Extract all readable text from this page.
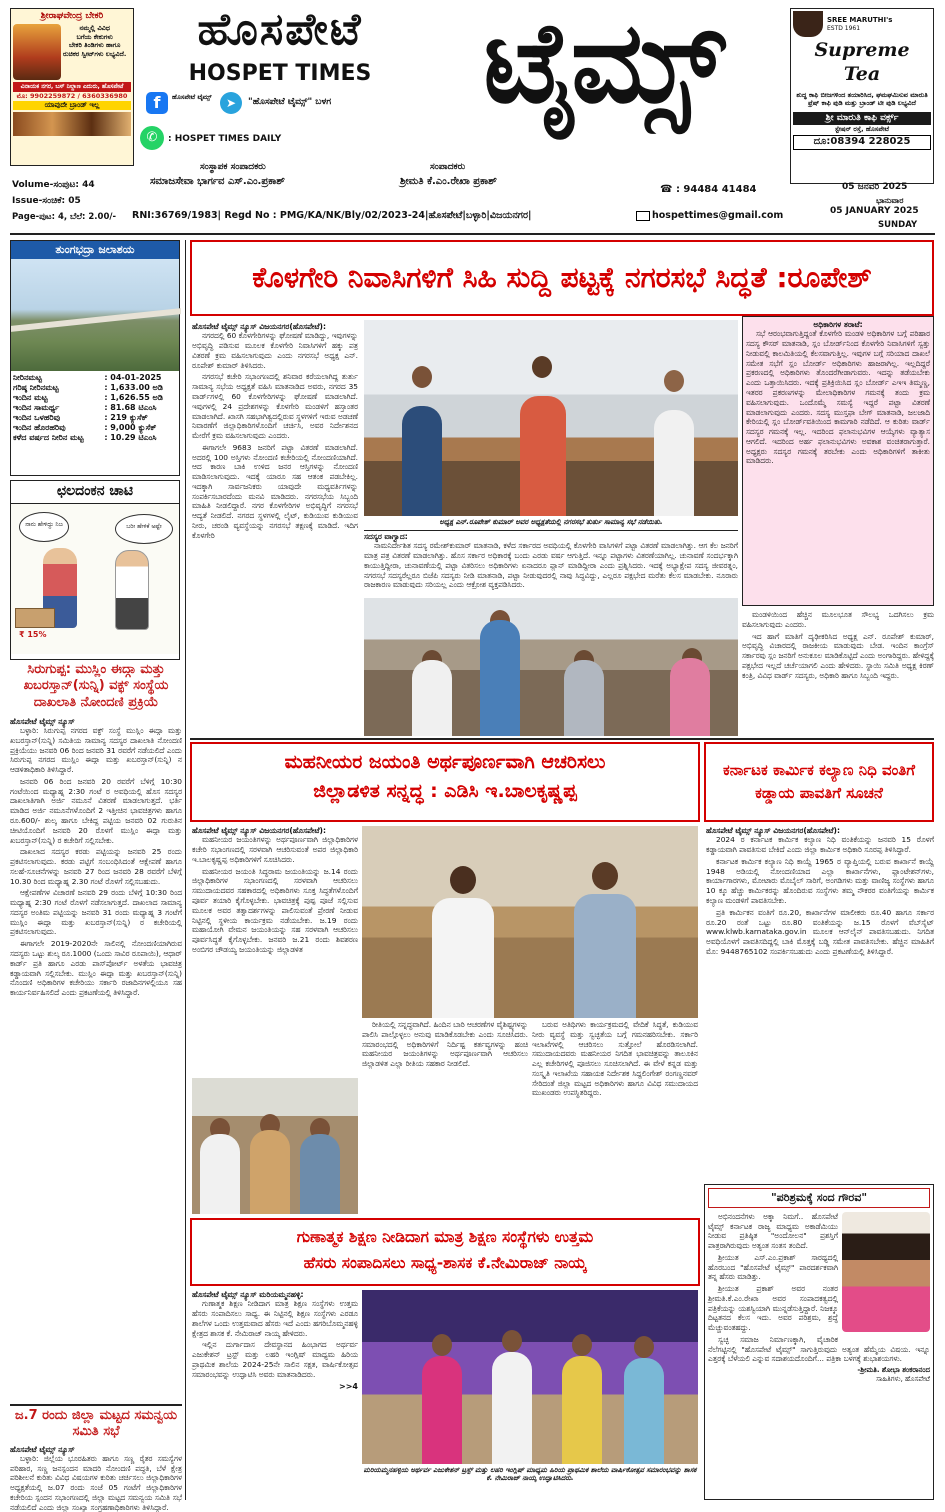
ಶ್ರೀರಾಘವೇಂದ್ರ ಬೇಕರಿ
ನಮ್ಮಲ್ಲಿ ವಿವಿಧ
ಬಗೆಯ ಕೇಕುಗಳು
ಬೇಕರಿ ತಿಂಡಿಗಳು ಹಾಗೂ
ರುಚಿಕರ ಸ್ವೀಟ್‌ಗಳು ಲಭ್ಯವಿದೆ.
ವಿನಾಯಕ ನಗರ, ಬಸ್ ನಿಲ್ದಾಣ ಎದುರು, ಹೊಸಪೇಟೆ
ಮೊ: 9902259872 / 6360336980
ಯಾವುದೇ ಬ್ರಾಂಡ್ ಇಲ್ಲ
ಹೊಸಪೇಟೆ
HOSPET TIMES
f	ಹೊಸಪೇಟೆ ಟೈಮ್ಸ್	➤	"ಹೊಸಪೇಟೆ ಟೈಮ್ಸ್" ಬಳಗ
✆	: HOSPET TIMES DAILY
ಟೈಮ್ಸ್
ಸಂಸ್ಥಾಪಕ ಸಂಪಾದಕರು
ಸಮಾಜಸೇವಾ ಭಾರ್ಗವ ಎಸ್.ಎಂ.ಪ್ರಕಾಶ್
ಸಂಪಾದಕರು
ಶ್ರೀಮತಿ ಕೆ.ಎಂ.ರೇಖಾ ಪ್ರಕಾಶ್
☎ : 94484 41484
SREE MARUTHI's
ESTD 1961
Supreme Tea
ಶುದ್ಧ ಕಾಫಿ ಬೀಜಗಳಿಂದ ತಯಾರಿಸಿದ, ಘಮಘಮಿಸುವ ಮಾರುತಿ ಫ್ರೆಷ್ ಕಾಫಿ ಪುಡಿ ಮತ್ತು ಬ್ರಾಂಡ್ ಟೀ ಪುಡಿ ಲಭ್ಯವಿದೆ
ಶ್ರೀ ಮಾರುತಿ ಕಾಫಿ ವರ್ಕ್ಸ್
ಸ್ಟೇಷನ್ ರಸ್ತೆ, ಹೊಸಪೇಟೆ
ದೂ:08394 228025
Volume-ಸಂಪುಟ: 44
Issue-ಸಂಚಿಕೆ: 05
Page-ಪುಟ: 4, ಬೆಲೆ: 2.00/- RNI:36769/1983| Regd No : PMG/KA/NK/Bly/02/2023-24|ಹೊಸಪೇಟೆ|ಬಳ್ಳಾರಿ|ವಿಜಯನಗರ|	hospettimes@gmail.com
05 ಜನವರಿ 2025
ಭಾನುವಾರ
05 JANUARY 2025
SUNDAY
ತುಂಗಭದ್ರಾ ಜಲಾಶಯ
ನೀರಿನಮಟ್ಟ	: 04-01-2025
ಗರಿಷ್ಠ ನೀರಿನಮಟ್ಟ	: 1,633.00 ಅಡಿ
ಇಂದಿನ ಮಟ್ಟ	: 1,626.55 ಅಡಿ
ಇಂದಿನ ಸಾಮರ್ಥ್ಯ	: 81.68 ಟಿಎಂಸಿ
ಇಂದಿನ ಒಳಹರಿವು	: 219 ಕ್ಯುಸೆಕ್
ಇಂದಿನ ಹೊರಹರಿವು	: 9,000 ಕ್ಯುಸೆಕ್
ಕಳೆದ ವರ್ಷದ ನೀರಿನ ಮಟ್ಟ	: 10.29 ಟಿಎಂಸಿ
ಛಲದಂಕನ ಚಾಟಿ
ನಾನು ಹೇಳಿದ್ದು ನಿಜ	ಬರೀ ಹೇಳಿಕೆ ಅಷ್ಟೇ
₹ 15%
ಸಿರುಗುಪ್ಪ: ಮುಸ್ಲಿಂ ಈದ್ಗಾ ಮತ್ತು ಖಬರಸ್ತಾನ್(ಸುನ್ನಿ) ವಕ್ಫ್ ಸಂಸ್ಥೆಯ ದಾಖಲಾತಿ ನೋಂದಣಿ ಪ್ರಕ್ರಿಯೆ
ಹೊಸಪೇಟೆ ಟೈಮ್ಸ್ ನ್ಯೂಸ್

ಬಳ್ಳಾರಿ: ಸಿರುಗುಪ್ಪ ನಗರದ ವಕ್ಫ್ ಸಂಸ್ಥೆ ಮುಸ್ಲಿಂ ಈದ್ಗಾ ಮತ್ತು ಖಬರಸ್ತಾನ್(ಸುನ್ನಿ) ಸಮಿತಿಯ ಸಾಮಾನ್ಯ ಸದಸ್ಯರ ದಾಖಲಾತಿ ನೋಂದಣಿ ಪ್ರಕ್ರಿಯೆಯು ಜನವರಿ 06 ರಿಂದ ಜನವರಿ 31 ರವರೆಗೆ ನಡೆಯಲಿದೆ ಎಂದು ಸಿರುಗುಪ್ಪ ನಗರದ ಮುಸ್ಲಿಂ ಈದ್ಗಾ ಮತ್ತು ಖಬರಸ್ತಾನ್(ಸುನ್ನಿ) ನ ಆಡಳಿತಾಧಿಕಾರಿ ತಿಳಿಸಿದ್ದಾರೆ.

ಜನವರಿ 06 ರಿಂದ ಜನವರಿ 20 ರವರೆಗೆ ಬೆಳಿಗ್ಗೆ 10:30 ಗಂಟೆಯಿಂದ ಮಧ್ಯಾಹ್ನ 2:30 ಗಂಟೆ ರ ಅವಧಿಯಲ್ಲಿ ಹೊಸ ಸದಸ್ಯರ ದಾಖಲಾತಿಗಾಗಿ ಅರ್ಜಿ ನಮೂನೆ ವಿತರಣೆ ಮಾಡಲಾಗುತ್ತದೆ. ಭರ್ತಿ ಮಾಡಿದ ಅರ್ಜಿ ನಮೂನೆಗಳೊಂದಿಗೆ 2 ಇತ್ತೀಚಿನ ಭಾವಚಿತ್ರಗಳು ಹಾಗೂ ರೂ.600/- ಶುಲ್ಕ ಹಾಗೂ ಬೇಕಿದ್ದ ಪಟ್ಟಿಯ ಜನವರಿ 02 ಗುರುತಿನ ಚೀಟಿಯೊಂದಿಗೆ ಜನವರಿ 20 ರೊಳಗೆ ಮುಸ್ಲಿಂ ಈದ್ಗಾ ಮತ್ತು ಖಬರಸ್ತಾನ್(ಸುನ್ನಿ) ರ ಕಚೇರಿಗೆ ಸಲ್ಲಿಸಬೇಕು.

ದಾಖಲಾದ ಸದಸ್ಯರ ಕರಡು ಪಟ್ಟಿಯನ್ನು ಜನವರಿ 25 ರಂದು ಪ್ರಕಟಿಸಲಾಗುವುದು. ಕರಡು ಪಟ್ಟಿಗೆ ಸಂಬಂಧಿಸಿದಂತೆ ಆಕ್ಷೇಪಣೆ ಹಾಗೂ ಸಲಹೆ-ಸೂಚನೆಗಳನ್ನು ಜನವರಿ 27 ರಿಂದ ಜನವರಿ 28 ರವರೆಗೆ ಬೆಳಿಗ್ಗೆ 10.30 ರಿಂದ ಮಧ್ಯಾಹ್ನ 2.30 ಗಂಟೆ ರೊಳಗೆ ಸಲ್ಲಿಸಬಹುದು.

ಆಕ್ಷೇಪಣೆಗಳ ವಿಚಾರಣೆ ಜನವರಿ 29 ರಂದು ಬೆಳಿಗ್ಗೆ 10:30 ರಿಂದ ಮಧ್ಯಾಹ್ನ 2:30 ಗಂಟೆ ರೊಳಗೆ ನಡೆಸಲಾಗುತ್ತದೆ. ದಾಖಲಾದ ಸಾಮಾನ್ಯ ಸದಸ್ಯರ ಅಂತಿಮ ಪಟ್ಟಿಯನ್ನು ಜನವರಿ 31 ರಂದು ಮಧ್ಯಾಹ್ನ 3 ಗಂಟೆಗೆ ಮುಸ್ಲಿಂ ಈದ್ಗಾ ಮತ್ತು ಖಬರಸ್ತಾನ್(ಸುನ್ನಿ) ರ ಕಚೇರಿಯಲ್ಲಿ ಪ್ರಕಟಿಸಲಾಗುವುದು.

ಈಗಾಗಲೇ 2019-2020ನೇ ಸಾಲಿನಲ್ಲಿ ನೋಂದಣಿಯಾಗಿರುವ ಸದಸ್ಯರು ಒಟ್ಟು ಶುಲ್ಕ ರೂ.1000 (ಒಂದು ಸಾವಿರ ರೂಪಾಯಿ), ಆಧಾರ್ ಕಾರ್ಡ್ ಪ್ರತಿ ಹಾಗೂ ಎರಡು ಪಾಸ್‌ಪೋರ್ಟ್ ಅಳತೆಯ ಭಾವಚಿತ್ರ ಕಡ್ಡಾಯವಾಗಿ ಸಲ್ಲಿಸಬೇಕು. ಮುಸ್ಲಿಂ ಈದ್ಗಾ ಮತ್ತು ಖಬರಸ್ತಾನ್(ಸುನ್ನಿ) ನೊಂದಣಿ ಅಧಿಕಾರಿಗಳ ಕಚೇರಿಯು ಸರ್ಕಾರಿ ರಜಾದಿನಗಳಲ್ಲಿಯೂ ಸಹ ಕಾರ್ಯನಿರ್ವಹಿಸಲಿದೆ ಎಂದು ಪ್ರಕಟಣೆಯಲ್ಲಿ ತಿಳಿಸಿದ್ದಾರೆ.

ಜ.7 ರಂದು ಜಿಲ್ಲಾ ಮಟ್ಟದ ಸಮನ್ವಯ ಸಮಿತಿ ಸಭೆ
ಹೊಸಪೇಟೆ ಟೈಮ್ಸ್ ನ್ಯೂಸ್

ಬಳ್ಳಾರಿ: ಜಿಲ್ಲೆಯ ಭೂರಹಿತರು ಹಾಗೂ ಸಣ್ಣ ರೈತರ ಸಮಸ್ಯೆಗಳ ಪರಿಹಾರ, ಸಣ್ಣ ಜನಸ್ಪಂದನ ಮಾದರಿ ನೋಂದಣಿ ಪದ್ಧತಿ, ಬೆಳೆ ಕ್ಷೇತ್ರ ಪರಿಶೀಲನೆ ಕುರಿತು ವಿವಿಧ ವಿಷಯಗಳ ಕುರಿತು ಚರ್ಚಿಸಲು ಜಿಲ್ಲಾಧಿಕಾರಿಗಳ ಅಧ್ಯಕ್ಷತೆಯಲ್ಲಿ ಜ.07 ರಂದು ಸಂಜೆ 05 ಗಂಟೆಗೆ ಜಿಲ್ಲಾಧಿಕಾರಿಗಳ ಕಚೇರಿಯ ಸ್ಪಂದನ ಸಭಾಂಗಣದಲ್ಲಿ ಜಿಲ್ಲಾ ಮಟ್ಟದ ಸಮನ್ವಯ ಸಮಿತಿ ಸಭೆ ನಡೆಯಲಿದೆ ಎಂದು ಜಿಲ್ಲಾ ಸಂಖ್ಯಾ ಸಂಗ್ರಹಣಾಧಿಕಾರಿಗಳು ತಿಳಿಸಿದ್ದಾರೆ.

ಕೊಳಗೇರಿ ನಿವಾಸಿಗಳಿಗೆ ಸಿಹಿ ಸುದ್ದಿ ಪಟ್ಟಕ್ಕೆ ನಗರಸಭೆ ಸಿದ್ಧತೆ :ರೂಪೇಶ್
ಹೊಸಪೇಟೆ ಟೈಮ್ಸ್ ನ್ಯೂಸ್ ವಿಜಯನಗರ(ಹೊಸಪೇಟೆ):

ನಗರದಲ್ಲಿ 60 ಕೊಳಗೇರಿಗಳನ್ನು ಘೋಷಣೆ ಮಾಡಿದ್ದು, ಇವುಗಳನ್ನು ಅಭಿವೃದ್ಧಿ ಪಡಿಸುವ ಮೂಲಕ ಕೊಳಗೇರಿ ನಿವಾಸಿಗಳಿಗೆ ಹಕ್ಕು ಪತ್ರ ವಿತರಣೆ ಕ್ರಮ ವಹಿಸಲಾಗುವುದು ಎಂದು ನಗರಸಭೆ ಅಧ್ಯಕ್ಷ ಎನ್. ರೂಪೇಶ್ ಕುಮಾರ್ ತಿಳಿಸಿದರು.

ನಗರಸಭೆ ಕಚೇರಿ ಸಭಾಂಗಣದಲ್ಲಿ ಶನಿವಾರ ಕರೆಯಲಾಗಿದ್ದ ತುರ್ತು ಸಾಮಾನ್ಯ ಸಭೆಯ ಅಧ್ಯಕ್ಷತೆ ವಹಿಸಿ ಮಾತನಾಡಿದ ಅವರು, ನಗರದ 35 ವಾರ್ಡ್‌ಗಳಲ್ಲಿ 60 ಕೊಳಗೇರಿಗಳನ್ನು ಘೋಷಣೆ ಮಾಡಲಾಗಿದೆ. ಇವುಗಳಲ್ಲಿ 24 ಪ್ರದೇಶಗಳನ್ನು ಕೊಳಗೇರಿ ಮಂಡಳಿಗೆ ಹಸ್ತಾಂತರ ಮಾಡಲಾಗಿದೆ. ಖಾಸಗಿ ಸಹಭಾಗಿತ್ವದಲ್ಲಿರುವ ಸ್ಥಳಗಳಿಗೆ ಇರುವ ಅಡಚಣೆ ನಿವಾರಣೆಗೆ ಜಿಲ್ಲಾಧಿಕಾರಿಗಳೊಂದಿಗೆ ಚರ್ಚಿಸಿ, ಅವರ ನಿರ್ದೇಶನದ ಮೇರೆಗೆ ಕ್ರಮ ವಹಿಸಲಾಗುವುದು ಎಂದರು.

ಈಗಾಗಲೇ 9683 ಜನರಿಗೆ ಪಟ್ಟಾ ವಿತರಣೆ ಮಾಡಲಾಗಿದೆ. ಅದರಲ್ಲಿ 100 ಅಸ್ತಿಗಳು ನೋಂದಣಿ ಕಚೇರಿಯಲ್ಲಿ ನೋಂದಣಿಯಾಗಿದೆ. ಆದ ಕಾರಣ ಬಾಕಿ ಉಳಿದ ಜನರ ಆಸ್ತಿಗಳನ್ನು ನೋಂದಣಿ ಮಾಡಿಸಲಾಗುವುದು. ಇದಕ್ಕೆ ಯಾರೂ ಸಹ ಆತಂಕ ಪಡಬೇಕಿಲ್ಲ. ಇದಕ್ಕಾಗಿ ಸಾರ್ವಜನಿಕರು ಯಾವುದೇ ಮಧ್ಯವರ್ತಿಗಳನ್ನು ಸಂಪರ್ಕಿಸಬಾರದೆಂದು ಮನವಿ ಮಾಡಿದರು. ನಗರಸಭೆಯ ಸಿಬ್ಬಂದಿ ಮಾಹಿತಿ ನೀಡಲಿದ್ದಾರೆ. ನಗರ ಕೊಳಗೇರಿಗಳ ಅಭಿವೃದ್ಧಿಗೆ ನಗರಸಭೆ ಆದ್ಯತೆ ನೀಡಲಿದೆ. ನಗರದ ಸ್ಥಳಗಳಲ್ಲಿ ಲೈಟ್, ಕುಡಿಯುವ ಕುಡಿಯುವ ನೀರು, ಚರಂಡಿ ವ್ಯವಸ್ಥೆಯನ್ನು ನಗರಸಭೆ ತಕ್ಷಣಕ್ಕೆ ಮಾಡಿದೆ. ಇದಿಗ ಕೊಳಗೇರಿ

ಅಧ್ಯಕ್ಷ ಎನ್.ರೂಪೇಶ್ ಕುಮಾರ್ ಅವರ ಅಧ್ಯಕ್ಷತೆಯಲ್ಲಿ ನಗರಸಭೆ ತುರ್ತು ಸಾಮಾನ್ಯ ಸಭೆ ನಡೆಯಿತು.
ಸದಸ್ಯರ ವಾಗ್ವಾದ:

ನಾಮನಿರ್ದೇಶಿತ ಸದಸ್ಯ ರಮೇಶ್‌ಕುಮಾರ್ ಮಾತನಾಡಿ, ಕಳೆದ ಸರ್ಕಾರದ ಅವಧಿಯಲ್ಲಿ ಕೊಳಗೇರಿ ವಾಸಿಗಳಿಗೆ ಪಟ್ಟಾ ವಿತರಣೆ ಮಾಡಲಾಗಿತ್ತು. ಆಗ ಕೆಲ ಜನರಿಗೆ ಮಾತ್ರ ಪತ್ರ ವಿತರಣೆ ಮಾಡಲಾಗಿತ್ತು. ಹೊಸ ಸರ್ಕಾರ ಅಧಿಕಾರಕ್ಕೆ ಬಂದು ಎರಡು ವರ್ಷ ಆಗುತ್ತಿದೆ. ಇನ್ನೂ ಪಟ್ಟಾಗಳು ವಿತರಣೆಯಾಗಿಲ್ಲ. ಚುನಾವಣೆ ಸಂದರ್ಭಕ್ಕಾಗಿ ಕಾಯುತ್ತಿದ್ದೀರಾ, ಚುನಾವಣೆಯಲ್ಲಿ ಪಟ್ಟಾ ವಿತರಿಸಲು ಅಧಿಕಾರಿಗಳು ಏನಾದರೂ ಪ್ಲಾನ್ ಮಾಡಿದ್ದೀರಾ ಎಂದು ಪ್ರಶ್ನಿಸಿದರು. ಇದಕ್ಕೆ ಅಭ್ಯಾಕ್ಷೇಪ ಸದಸ್ಯ ಜೀವರತ್ನಂ, ನಗರಸಭೆ ಸದಸ್ಯರೆಲ್ಲರೂ ಬಿಜೆಪಿ ಸದಸ್ಯರು ನೀಡಿ ಮಾತನಾಡಿ, ಪಟ್ಟಾ ನೀಡುವುದರಲ್ಲಿ ನಾವು ಸಿದ್ಧವಿದ್ದು, ಎಲ್ಲರೂ ಪಕ್ಷಭೇದ ಮರೆತು ಕೆಲಸ ಮಾಡಬೇಕು. ನೂರಾರು ರಾಜಕಾರಣ ಮಾಡುವುದು ಸರಿಯಲ್ಲ ಎಂದು ಆಕ್ರೋಶ ವ್ಯಕ್ತಪಡಿಸಿದರು.

ಅಧಿಕಾರಿಗಳ ತರಾಟೆ:

ಸಭೆ ಆರಂಭವಾಗುತ್ತಿದ್ದಂತೆ ಕೊಳಗೇರಿ ಮಂಡಳಿ ಅಧಿಕಾರಿಗಳ ಬಗ್ಗೆ ಪರಿಹಾರ ಸದಸ್ಯ ಕೌಸರ್ ಮಾತನಾಡಿ, ಸ್ಲಂ ಬೋರ್ಡ್‌ನಿಂದ ಕೊಳಗೇರಿ ನಿವಾಸಿಗಳಿಗೆ ಸ್ವತ್ತು ನೀಡುವಲ್ಲಿ ಕಾಲಮಿತಿಯಲ್ಲಿ ಕೆಲಸವಾಗುತ್ತಿಲ್ಲ. ಇವುಗಳ ಬಗ್ಗೆ ಸರಿಯಾದ ದಾಖಲೆ ಸಮೇತ ಸಭೆಗೆ ಸ್ಲಂ ಬೋರ್ಡ್ ಅಧಿಕಾರಿಗಳು ಹಾಜರಾಗಿಲ್ಲ. ಇಲ್ಲದಿದ್ದರೆ ಪ್ರಕರಣದಲ್ಲಿ ಅಧಿಕಾರಿಗಳು ತೊಂದರೆಗೀಡಾಗುವರು. ಇದನ್ನು ತಡೆಯಬೇಕು ಎಂದು ಒತ್ತಾಯಿಸಿದರು. ಇದಕ್ಕೆ ಪ್ರತಿಕ್ರಿಯಿಸಿದ ಸ್ಲಂ ಬೋರ್ಡ್ ಎಇಇ ತಿಮ್ಮಣ್ಣ, ಇತರರ ಪ್ರಕರಣಗಳನ್ನು ಮೇಲಾಧಿಕಾರಿಗಳ ಗಮನಕ್ಕೆ ತಂದು ಕ್ರಮ ವಹಿಸಲಾಗುವುದು. ಒಂದೊಮ್ಮೆ ಸಮಸ್ಯೆ ಇದ್ದರೆ ಪಟ್ಟಾ ವಿತರಣೆ ಮಾಡಲಾಗುವುದು ಎಂದರು. ಸದಸ್ಯ ಮುಸ್ತಫಾ ಬೇಗ್ ಮಾತನಾಡಿ, ಜಲಜಾದಿ ಕೇರಿಯಲ್ಲಿ ಸ್ಲಂ ಬೋರ್ಡ್‌ವತಿಯಿಂದ ಕಾಮಗಾರಿ ನಡೆದಿದೆ. ಆ ಕುರಿತು ವಾರ್ಡ್ ಸದಸ್ಯರ ಗಮನಕ್ಕೆ ಇಲ್ಲ. ಇದರಿಂದ ಫಲಾನುಭವಿಗಳ ಆಯ್ಕೆಗಳು ವ್ಯಾತ್ಯಾಸ ಆಗಲಿದೆ. ಇದರಿಂದ ಅರ್ಹ ಫಲಾನುಭವಿಗಳು ಅವಕಾಶ ವಂಚಿತರಾಗುತ್ತಾರೆ. ಅಧ್ಯಕ್ಷರು ಸದಸ್ಯರ ಗಮನಕ್ಕೆ ತರಬೇಕು ಎಂದು ಅಧಿಕಾರಿಗಳಿಗೆ ತಾಕೀತು ಮಾಡಿದರು.

ಮಂಡಳಿಯಿಂದ ಹೆಚ್ಚಿನ ಮೂಲಭೂತ ಸೌಲಭ್ಯ ಒದಗಿಸಲು ಕ್ರಮ ವಹಿಸಲಾಗುವುದು ಎಂದರು.

ಇದ ಹಾಗೆ ಮಾತಿಗೆ ದೃಢೀಕರಿಸಿದ ಅಧ್ಯಕ್ಷ ಎನ್. ರೂಪೇಶ್ ಕುಮಾರ್, ಅಭಿವೃದ್ಧಿ ವಿಚಾರದಲ್ಲಿ ರಾಜಕೀಯ ಮಾಡುವುದು ಬೇಡ. ಇಂದಿನ ಕಾಂಗ್ರೆಸ್ ಸರ್ಕಾರವು ಸ್ಲಂ ಜನರಿಗೆ ಅನುಕೂಲ ಮಾಡಿಕೊಟ್ಟಿದೆ ಎಂದು ಅಂಗಾರಿದ್ದರು. ಹೇಳಿದ್ದಕ್ಕೆ ಪಕ್ಷಭೇದ ಇಲ್ಲದೆ ಚರ್ಚೆಯಾಗಲಿ ಎಂದು ಹೇಳಿದರು. ಸ್ಥಾಯಿ ಸಮಿತಿ ಅಧ್ಯಕ್ಷ ಕಿರಣ್ ಕಂತ್ರಿ, ವಿವಿಧ ವಾರ್ಡ್ ಸದಸ್ಯರು, ಅಧಿಕಾರಿ ಹಾಗೂ ಸಿಬ್ಬಂದಿ ಇದ್ದರು.

ಮಹನೀಯರ ಜಯಂತಿ ಅರ್ಥಪೂರ್ಣವಾಗಿ ಆಚರಿಸಲು
ಜಿಲ್ಲಾಡಳಿತ ಸನ್ನದ್ಧ : ಎಡಿಸಿ ಇ.ಬಾಲಕೃಷ್ಣಪ್ಪ
ಹೊಸಪೇಟೆ ಟೈಮ್ಸ್ ನ್ಯೂಸ್ ವಿಜಯನಗರ(ಹೊಸಪೇಟೆ):

ಮಹನೀಯರ ಜಯಂತಿಗಳನ್ನು ಅರ್ಥಪೂರ್ಣವಾಗಿ ಜಿಲ್ಲಾಧಿಕಾರಿಗಳ ಕಚೇರಿ ಸಭಾಂಗಣದಲ್ಲಿ ಸರಳವಾಗಿ ಆಚರಿಸುವಂತೆ ಅಪರ ಜಿಲ್ಲಾಧಿಕಾರಿ ಇ.ಬಾಲಕೃಷ್ಣಪ್ಪ ಅಧಿಕಾರಿಗಳಿಗೆ ಸೂಚಿಸಿದರು.

ಮಹನೀಯರ ಜಯಂತಿ ಸಿದ್ಧರಾಮ ಜಯಂತಿಯನ್ನು ಜ.14 ರಂದು ಜಿಲ್ಲಾಧಿಕಾರಿಗಳ ಸಭಾಂಗಣದಲ್ಲಿ ಸರಳವಾಗಿ ಆಚರಿಸಲು ಸಮುದಾಯದವರ ಸಹಕಾರದಲ್ಲಿ ಅಧಿಕಾರಿಗಳು ಸೂಕ್ತ ಸಿದ್ಧತೆಗಳೊಂದಿಗೆ ಪೂರ್ವ ತಯಾರಿ ಕೈಗೊಳ್ಳಬೇಕು. ಭಾವಚಿತ್ರಕ್ಕೆ ಪುಷ್ಪ ಪೂಜೆ ಸಲ್ಲಿಸುವ ಮೂಲಕ ಅವರ ತತ್ವಾದರ್ಶಗಳನ್ನು ಪಾಲಿಸುವಂತೆ ಪ್ರೇರಣೆ ನೀಡುವ ನಿಟ್ಟಿನಲ್ಲಿ ಸ್ಥಳೀಯ ಕಾರ್ಯಕ್ರಮ ನಡೆಯಬೇಕು. ಜ.19 ರಂದು ಮಹಾಯೋಗಿ ವೇಮನ ಜಯಂತಿಯನ್ನು ಸಹ ಸರಳವಾಗಿ ಆಚರಿಸಲು ಪೂರ್ವಸಿದ್ಧತೆ ಕೈಗೊಳ್ಳಬೇಕು. ಜನವರಿ ಜ.21 ರಂದು ಶಿವಶರಣ ಅಂಬಿಗರ ಚೌಡಯ್ಯ ಜಯಂತಿಯನ್ನು ಜಿಲ್ಲಾಡಳಿತ

ರೀತಿಯಲ್ಲಿ ಸನ್ನದ್ಧವಾಗಿದೆ. ಹಿಂದಿನ ಬಾರಿ ಆಚರಣೆಗಳ ವೈಶಿಷ್ಟ್ಯಗಳನ್ನು ಪಾಲಿಸಿ ಪಾಲ್ಗೊಳ್ಳಲು ಅನುವು ಮಾಡಿಕೊಡಬೇಕು ಎಂದು ಸೂಚಿಸಿದರು. ಸಮಾರಂಭದಲ್ಲಿ ಅಧಿಕಾರಿಗಳಿಗೆ ನಿರ್ದಿಷ್ಟ ಕರ್ತವ್ಯಗಳನ್ನು ಹಂಚಿ ಮಹನೀಯರ ಜಯಂತಿಗಳನ್ನು ಅರ್ಥಪೂರ್ಣವಾಗಿ ಆಚರಿಸಲು ಜಿಲ್ಲಾಡಳಿತ ಎಲ್ಲಾ ರೀತಿಯ ಸಹಕಾರ ನೀಡಲಿದೆ.

ಬರುವ ಅತಿಥಿಗಳು ಕಾರ್ಯಕ್ರಮದಲ್ಲಿ ವೇದಿಕೆ ಸಿದ್ಧತೆ, ಕುಡಿಯುವ ನೀರು ವ್ಯವಸ್ಥೆ ಮತ್ತು ಸ್ವಚ್ಛತೆಯ ಬಗ್ಗೆ ಗಮನಹರಿಸಬೇಕು. ಸರ್ಕಾರಿ ಇಲಾಖೆಗಳಲ್ಲಿ ಆಚರಿಸಲು ಸುತ್ತೋಲೆ ಹೊರಡಿಸಲಾಗಿದೆ. ಸಮುದಾಯದವರು ಮಹನೀಯರ ನಿಗದಿತ ಭಾವಚಿತ್ರವನ್ನು ತಾಲೂಕಿನ ಎಲ್ಲ ಕಚೇರಿಗಳಲ್ಲಿ ಪೂಜಿಸಲು ಸೂಚಿಸಲಾಗಿದೆ. ಈ ವೇಳೆ ಕನ್ನಡ ಮತ್ತು ಸಂಸ್ಕೃತಿ ಇಲಾಖೆಯ ಸಹಾಯಕ ನಿರ್ದೇಶಕ ಸಿದ್ದಲಿಂಗೇಶ್ ರಂಗಣ್ಣನವರ್ ಸೇರಿದಂತೆ ಜಿಲ್ಲಾ ಮಟ್ಟದ ಅಧಿಕಾರಿಗಳು ಹಾಗೂ ವಿವಿಧ ಸಮುದಾಯದ ಮುಖಂಡರು ಉಪಸ್ಥಿತರಿದ್ದರು.

ಕರ್ನಾಟಕ ಕಾರ್ಮಿಕ ಕಲ್ಯಾಣ ನಿಧಿ ವಂತಿಗೆ ಕಡ್ಡಾಯ ಪಾವತಿಗೆ ಸೂಚನೆ
ಹೊಸಪೇಟೆ ಟೈಮ್ಸ್ ನ್ಯೂಸ್ ವಿಜಯನಗರ(ಹೊಸಪೇಟೆ):

2024 ರ ಕರ್ನಾಟಕ ಕಾರ್ಮಿಕ ಕಲ್ಯಾಣ ನಿಧಿ ವಂತಿಕೆಯನ್ನು ಜನವರಿ 15 ರೊಳಗೆ ಕಡ್ಡಾಯವಾಗಿ ಪಾವತಿಸುವ ಬೇಕಿದೆ ಎಂದು ಜಿಲ್ಲಾ ಕಾರ್ಮಿಕ ಅಧಿಕಾರಿ ಸೂರಪ್ಪ ತಿಳಿಸಿದ್ದಾರೆ.

ಕರ್ನಾಟಕ ಕಾರ್ಮಿಕ ಕಲ್ಯಾಣ ನಿಧಿ ಕಾಯ್ದೆ 1965 ರ ವ್ಯಾಪ್ತಿಯಲ್ಲಿ ಬರುವ ಕಾರ್ಖಾನೆ ಕಾಯ್ದೆ 1948 ಅಡಿಯಲ್ಲಿ ನೋಂದಣಿಯಾದ ಎಲ್ಲಾ ಕಾರ್ಖಾನೆಗಳು, ಪ್ಲಾಂಟೇಶನ್‌ಗಳು, ಕಾರ್ಯಾಗಾರಗಳು, ಮೋಟಾರು ಮೊಬೈಲ್ ಸಾರಿಗೆ, ಅಂಗಡಿಗಳು ಮತ್ತು ವಾಣಿಜ್ಯ ಸಂಸ್ಥೆಗಳು ಹಾಗೂ 10 ಕ್ಕೂ ಹೆಚ್ಚು ಕಾರ್ಮಿಕರನ್ನು ಹೊಂದಿರುವ ಸಂಸ್ಥೆಗಳು ತಮ್ಮ ನೌಕರರ ವಂತಿಗೆಯನ್ನು ಕಾರ್ಮಿಕ ಕಲ್ಯಾಣ ಮಂಡಳಿಗೆ ಪಾವತಿಸಬೇಕು.

ಪ್ರತಿ ಕಾರ್ಮಿಕನ ವಂತಿಗೆ ರೂ.20, ಕಾರ್ಖಾನೆಗಳ ಮಾಲೀಕರು ರೂ.40 ಹಾಗೂ ಸರ್ಕಾರ ರೂ.20 ರಂತೆ ಒಟ್ಟು ರೂ.80 ವಂತಿಕೆಯನ್ನು ಜ.15 ರೊಳಗೆ ವೆಬ್‌ಸೈಟ್ www.klwb.karnataka.gov.in ಮೂಲಕ ಆನ್‌ಲೈನ್ ಪಾವತಿಸಬಹುದು. ನಿಗದಿತ ಅವಧಿಯೊಳಗೆ ಪಾವತಿಸದಿದ್ದಲ್ಲಿ ಬಾಕಿ ಮೊತ್ತಕ್ಕೆ ಬಡ್ಡಿ ಸಮೇತ ಪಾವತಿಸಬೇಕು. ಹೆಚ್ಚಿನ ಮಾಹಿತಿಗೆ ಮೊ: 9448765102 ಸಂಪರ್ಕಿಸಬಹುದು ಎಂದು ಪ್ರಕಟಣೆಯಲ್ಲಿ ತಿಳಿಸಿದ್ದಾರೆ.

"ಪರಿಶ್ರಮಕ್ಕೆ ಸಂದ ಗೌರವ"

ಅಭಿನಂದನೆಗಳು ಅಕ್ಕಾ ನಿಮಗೆ.. ಹೊಸಪೇಟೆ ಟೈಮ್ಸ್ ಕರ್ನಾಟಕ ರಾಜ್ಯ ಮಾಧ್ಯಮ ಅಕಾಡೆಮಿಯು ನೀಡುವ ಪ್ರತಿಷ್ಠಿತ "ಅಂದೋಲನ" ಪ್ರಶಸ್ತಿಗೆ ಪಾತ್ರರಾಗಿರುವುದು ಅತ್ಯಂತ ಸಂತಸ ತಂದಿದೆ.

ಶ್ರೀಯುತ ಎಸ್.ಎಂ.ಪ್ರಕಾಶ್ ಸಾರಥ್ಯದಲ್ಲಿ ಹೊರಬಂದ "ಹೊಸಪೇಟೆ ಟೈಮ್ಸ್" ಪಾರದರ್ಶಕವಾಗಿ ತನ್ನ ಹೆಸರು ಮಾಡಿತ್ತು.

ಶ್ರೀಯುತ ಪ್ರಕಾಶ್ ಅವರ ನಂತರ ಶ್ರೀಮತಿ.ಕೆ.ಎಂ.ರೇಖಾ ಅವರ ಸಂಪಾದಕತ್ವದಲ್ಲಿ ಪತ್ರಿಕೆಯನ್ನು ಯಶಸ್ವಿಯಾಗಿ ಮುನ್ನಡೆಸುತ್ತಿದ್ದಾರೆ. ನಿಜಕ್ಕೂ ದಿಟ್ಟತನದ ಕೆಲಸ ಇದು. ಅವರ ಪರಿಶ್ರಮ, ಶ್ರದ್ಧೆ ಮೆಚ್ಚುವಂತಹದ್ದು.

ಸ್ವಚ್ಛ ಸಮಾಜ ನಿರ್ಮಾಣಕ್ಕಾಗಿ, ವೈಚಾರಿಕ ನೆಲೆಗಟ್ಟಿನಲ್ಲಿ "ಹೊಸಪೇಟೆ ಟೈಮ್ಸ್" ಸಾಗುತ್ತಿರುವುದು ಅತ್ಯಂತ ಹೆಮ್ಮೆಯ ವಿಷಯ. ಇನ್ನೂ ಎತ್ತರಕ್ಕೆ ಬೆಳೆಯಲಿ ಎನ್ನುವ ಸದಾಶಯದೊಂದಿಗೆ... ಪತ್ರಿಕಾ ಬಳಗಕ್ಕೆ ಶುಭಾಶಯಗಳು.

-ಶ್ರೀಮತಿ. ಶೋಭಾ ಶಂಕರಾನಂದ
ಸಾಹಿತಿಗಳು, ಹೊಸಪೇಟೆ
ಗುಣಾತ್ಮಕ ಶಿಕ್ಷಣ ನೀಡಿದಾಗ ಮಾತ್ರ ಶಿಕ್ಷಣ ಸಂಸ್ಥೆಗಳು ಉತ್ತಮ
ಹೆಸರು ಸಂಪಾದಿಸಲು ಸಾಧ್ಯ-ಶಾಸಕ ಕೆ.ನೇಮಿರಾಜ್ ನಾಯ್ಕ
ಹೊಸಪೇಟೆ ಟೈಮ್ಸ್ ನ್ಯೂಸ್ ಮರಿಯಮ್ಮನಹಳ್ಳಿ:

ಗುಣಾತ್ಮಕ ಶಿಕ್ಷಣ ನೀಡಿದಾಗ ಮಾತ್ರ ಶಿಕ್ಷಣ ಸಂಸ್ಥೆಗಳು ಉತ್ತಮ ಹೆಸರು ಸಂಪಾದಿಸಲು ಸಾಧ್ಯ. ಈ ನಿಟ್ಟಿನಲ್ಲಿ ಶಿಕ್ಷಣ ಸಂಸ್ಥೆಗಳು ಎರಡೂ ಶಾಲೆಗಳ ಒಂದು ಉತ್ತಮವಾದ ಹೆಸರು ಇದೆ ಎಂದು ಹಗರಿಬೊಮ್ಮನಹಳ್ಳಿ ಕ್ಷೇತ್ರದ ಶಾಸಕ ಕೆ. ನೇಮಿರಾಜ್ ನಾಯ್ಕ ಹೇಳಿದರು.

ಇಲ್ಲಿನ ದುರ್ಗಾದಾಸ ದೇವಸ್ಥಾನದ ಹಿಂಭಾಗದ ಅರ್ಥರ್ವ ಎಜುಕೇಶನ್ ಟ್ರಸ್ಟ್ ಮತ್ತು ಲಹರಿ ಇಂಗ್ಲಿಷ್ ಮಾಧ್ಯಮ ಹಿರಿಯ ಪ್ರಾಥಮಿಕ ಶಾಲೆಯ 2024-25ನೇ ಸಾಲಿನ ಸಕ್ಷತ, ವಾರ್ಷಿಕೋತ್ಸವ ಸಮಾರಂಭವನ್ನು ಉದ್ಘಾಟಿಸಿ ಅವರು ಮಾತನಾಡಿದರು.

>>4
ಮರಿಯಮ್ಮನಹಳ್ಳಿಯ ಅರ್ಥರ್ವ ಎಜುಕೇಶನ್ ಟ್ರಸ್ಟ್ ಮತ್ತು ಲಹರಿ ಇಂಗ್ಲಿಷ್ ಮಾಧ್ಯಮ ಹಿರಿಯ ಪ್ರಾಥಮಿಕ ಶಾಲೆಯ ವಾರ್ಷಿಕೋತ್ಸವ ಸಮಾರಂಭವನ್ನು ಶಾಸಕ ಕೆ. ನೇಮಿರಾಜ್ ನಾಯ್ಕ ಉದ್ಘಾಟಿಸಿದರು.
